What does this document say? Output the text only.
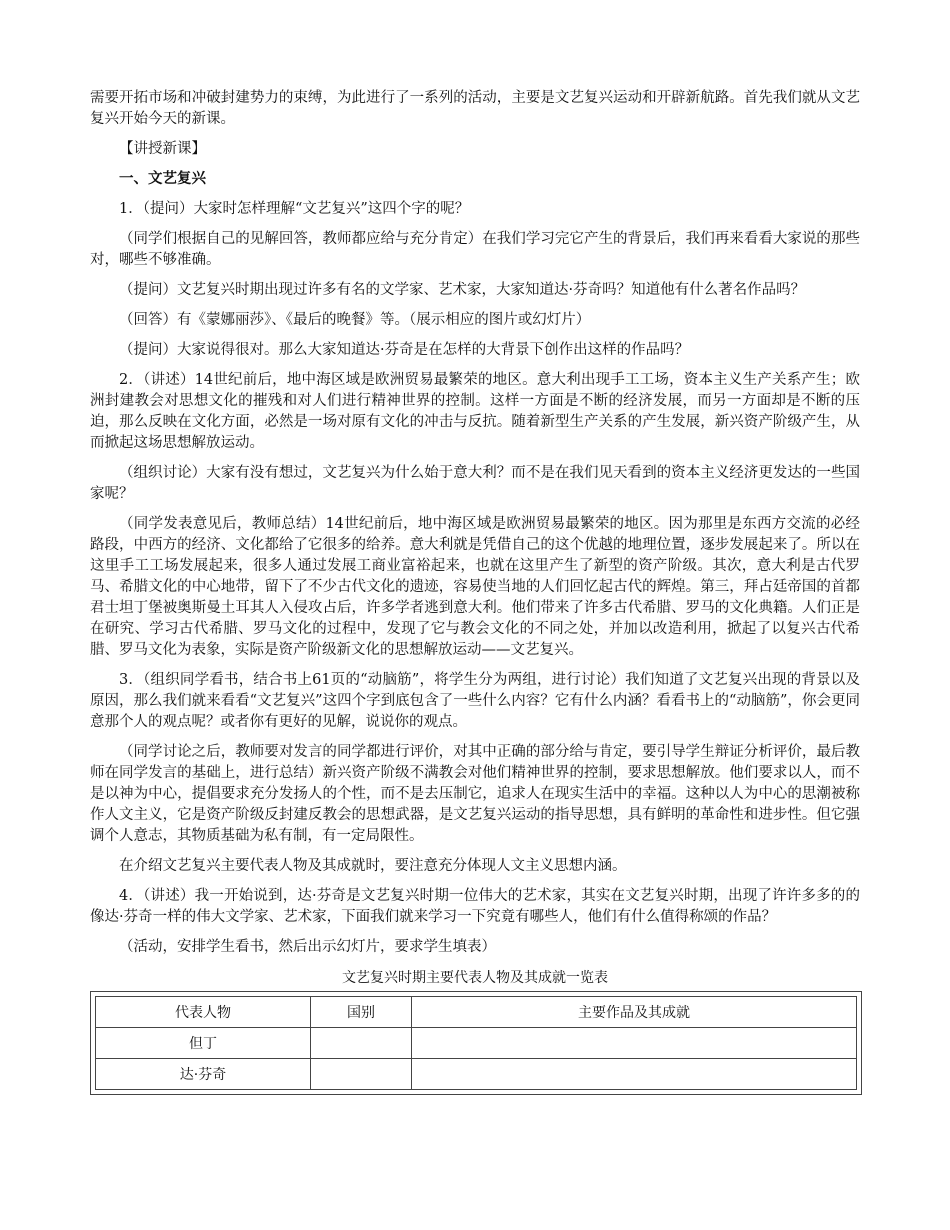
需要开拓市场和冲破封建势力的束缚，为此进行了一系列的活动，主要是文艺复兴运动和开辟新航路。首先我们就从文艺复兴开始今天的新课。

【讲授新课】

一、文艺复兴

1．（提问）大家时怎样理解“文艺复兴”这四个字的呢？

（同学们根据自己的见解回答，教师都应给与充分肯定）在我们学习完它产生的背景后，我们再来看看大家说的那些对，哪些不够准确。

（提问）文艺复兴时期出现过许多有名的文学家、艺术家，大家知道达·芬奇吗？知道他有什么著名作品吗？

（回答）有《蒙娜丽莎》、《最后的晚餐》等。（展示相应的图片或幻灯片）

（提问）大家说得很对。那么大家知道达·芬奇是在怎样的大背景下创作出这样的作品吗？

2．（讲述）14世纪前后，地中海区域是欧洲贸易最繁荣的地区。意大利出现手工工场，资本主义生产关系产生；欧洲封建教会对思想文化的摧残和对人们进行精神世界的控制。这样一方面是不断的经济发展，而另一方面却是不断的压迫，那么反映在文化方面，必然是一场对原有文化的冲击与反抗。随着新型生产关系的产生发展，新兴资产阶级产生，从而掀起这场思想解放运动。

（组织讨论）大家有没有想过，文艺复兴为什么始于意大利？而不是在我们见天看到的资本主义经济更发达的一些国家呢？

（同学发表意见后，教师总结）14世纪前后，地中海区域是欧洲贸易最繁荣的地区。因为那里是东西方交流的必经路段，中西方的经济、文化都给了它很多的给养。意大利就是凭借自己的这个优越的地理位置，逐步发展起来了。所以在这里手工工场发展起来，很多人通过发展工商业富裕起来，也就在这里产生了新型的资产阶级。其次，意大利是古代罗马、希腊文化的中心地带，留下了不少古代文化的遗迹，容易使当地的人们回忆起古代的辉煌。第三，拜占廷帝国的首都君士坦丁堡被奥斯曼土耳其人入侵攻占后，许多学者逃到意大利。他们带来了许多古代希腊、罗马的文化典籍。人们正是在研究、学习古代希腊、罗马文化的过程中，发现了它与教会文化的不同之处，并加以改造利用，掀起了以复兴古代希腊、罗马文化为表象，实际是资产阶级新文化的思想解放运动——文艺复兴。

3．（组织同学看书，结合书上61页的“动脑筋”，将学生分为两组，进行讨论）我们知道了文艺复兴出现的背景以及原因，那么我们就来看看“文艺复兴”这四个字到底包含了一些什么内容？它有什么内涵？看看书上的“动脑筋”，你会更同意那个人的观点呢？或者你有更好的见解，说说你的观点。

（同学讨论之后，教师要对发言的同学都进行评价，对其中正确的部分给与肯定，要引导学生辩证分析评价，最后教师在同学发言的基础上，进行总结）新兴资产阶级不满教会对他们精神世界的控制，要求思想解放。他们要求以人，而不是以神为中心，提倡要求充分发扬人的个性，而不是去压制它，追求人在现实生活中的幸福。这种以人为中心的思潮被称作人文主义，它是资产阶级反封建反教会的思想武器，是文艺复兴运动的指导思想，具有鲜明的革命性和进步性。但它强调个人意志，其物质基础为私有制，有一定局限性。

在介绍文艺复兴主要代表人物及其成就时，要注意充分体现人文主义思想内涵。

4．（讲述）我一开始说到，达·芬奇是文艺复兴时期一位伟大的艺术家，其实在文艺复兴时期，出现了许许多多的的像达·芬奇一样的伟大文学家、艺术家，下面我们就来学习一下究竟有哪些人，他们有什么值得称颂的作品？

（活动，安排学生看书，然后出示幻灯片，要求学生填表）

文艺复兴时期主要代表人物及其成就一览表
代表人物	国别	主要作品及其成就
但丁		
达·芬奇		
